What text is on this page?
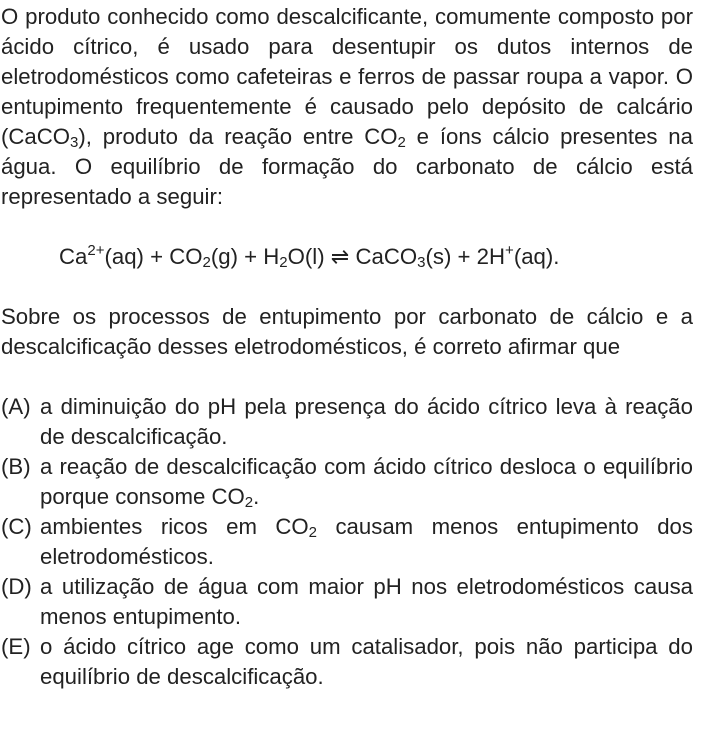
O produto conhecido como descalcificante, comumente composto por ácido cítrico, é usado para desentupir os dutos internos de eletrodomésticos como cafeteiras e ferros de passar roupa a vapor. O entupimento frequentemente é causado pelo depósito de calcário (CaCO$_3$), produto da reação entre $CO_2$ e íons cálcio presentes na água. O equilíbrio de formação do carbonato de cálcio está representado a seguir:

$Ca^{2+}(aq) + CO_2(g) + H_2O(l)$ ⇌ CaCO$_3$(s) + 2H+(aq).

Sobre os processos de entupimento por carbonato de cálcio e a descalcificação desses eletrodomésticos, é correto afirmar que

(A) a diminuição do pH pela presença do ácido cítrico leva à reação de descalcificação.

(B) a reação de descalcificação com ácido cítrico desloca o equilíbrio porque consome $CO_2$.

(C) ambientes ricos em $CO_2$ causam menos entupimento dos eletrodomésticos.

(D) a utilização de água com maior pH nos eletrodomésticos causa menos entupimento.

(E) o ácido cítrico age como um catalisador, pois não participa do equilíbrio de descalcificação.
